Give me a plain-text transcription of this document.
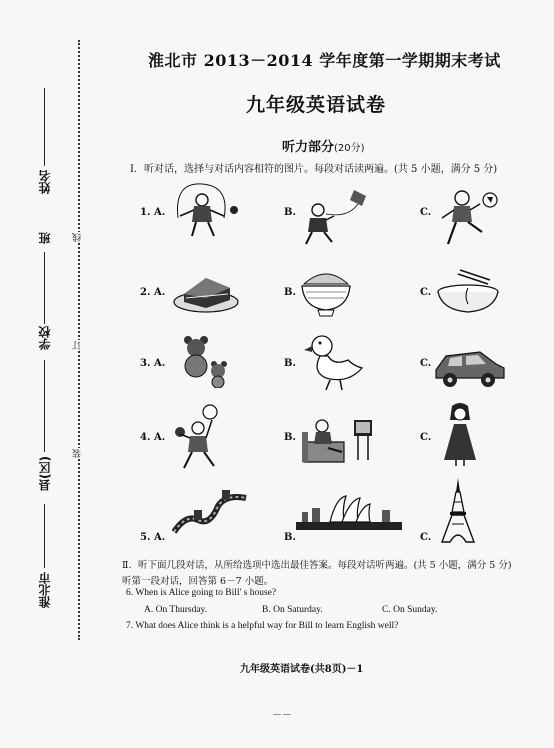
线
订
装
姓名
班
学校
县(区)
淮北市
淮北市 2013－2014 学年度第一学期期末考试
九年级英语试卷
听力部分(20分)
I．听对话，选择与对话内容相符的图片。每段对话读两遍。(共 5 小题，满分 5 分)
1. A.	B.	C.
2. A.	B.	C.
3. A.	B.	C.
4. A.	B.	C.
5. A.	B.	C.
Ⅱ．听下面几段对话，从所给选项中选出最佳答案。每段对话听两遍。(共 5 小题，满分 5 分)
听第一段对话，回答第 6－7 小题。
6. When is Alice going to Bill' s house?
A. On Thursday.	B. On Saturday.	C. On Sunday.
7. What does Alice think is a helpful way for Bill to learn English well?
九年级英语试卷(共8页)－1
－－
